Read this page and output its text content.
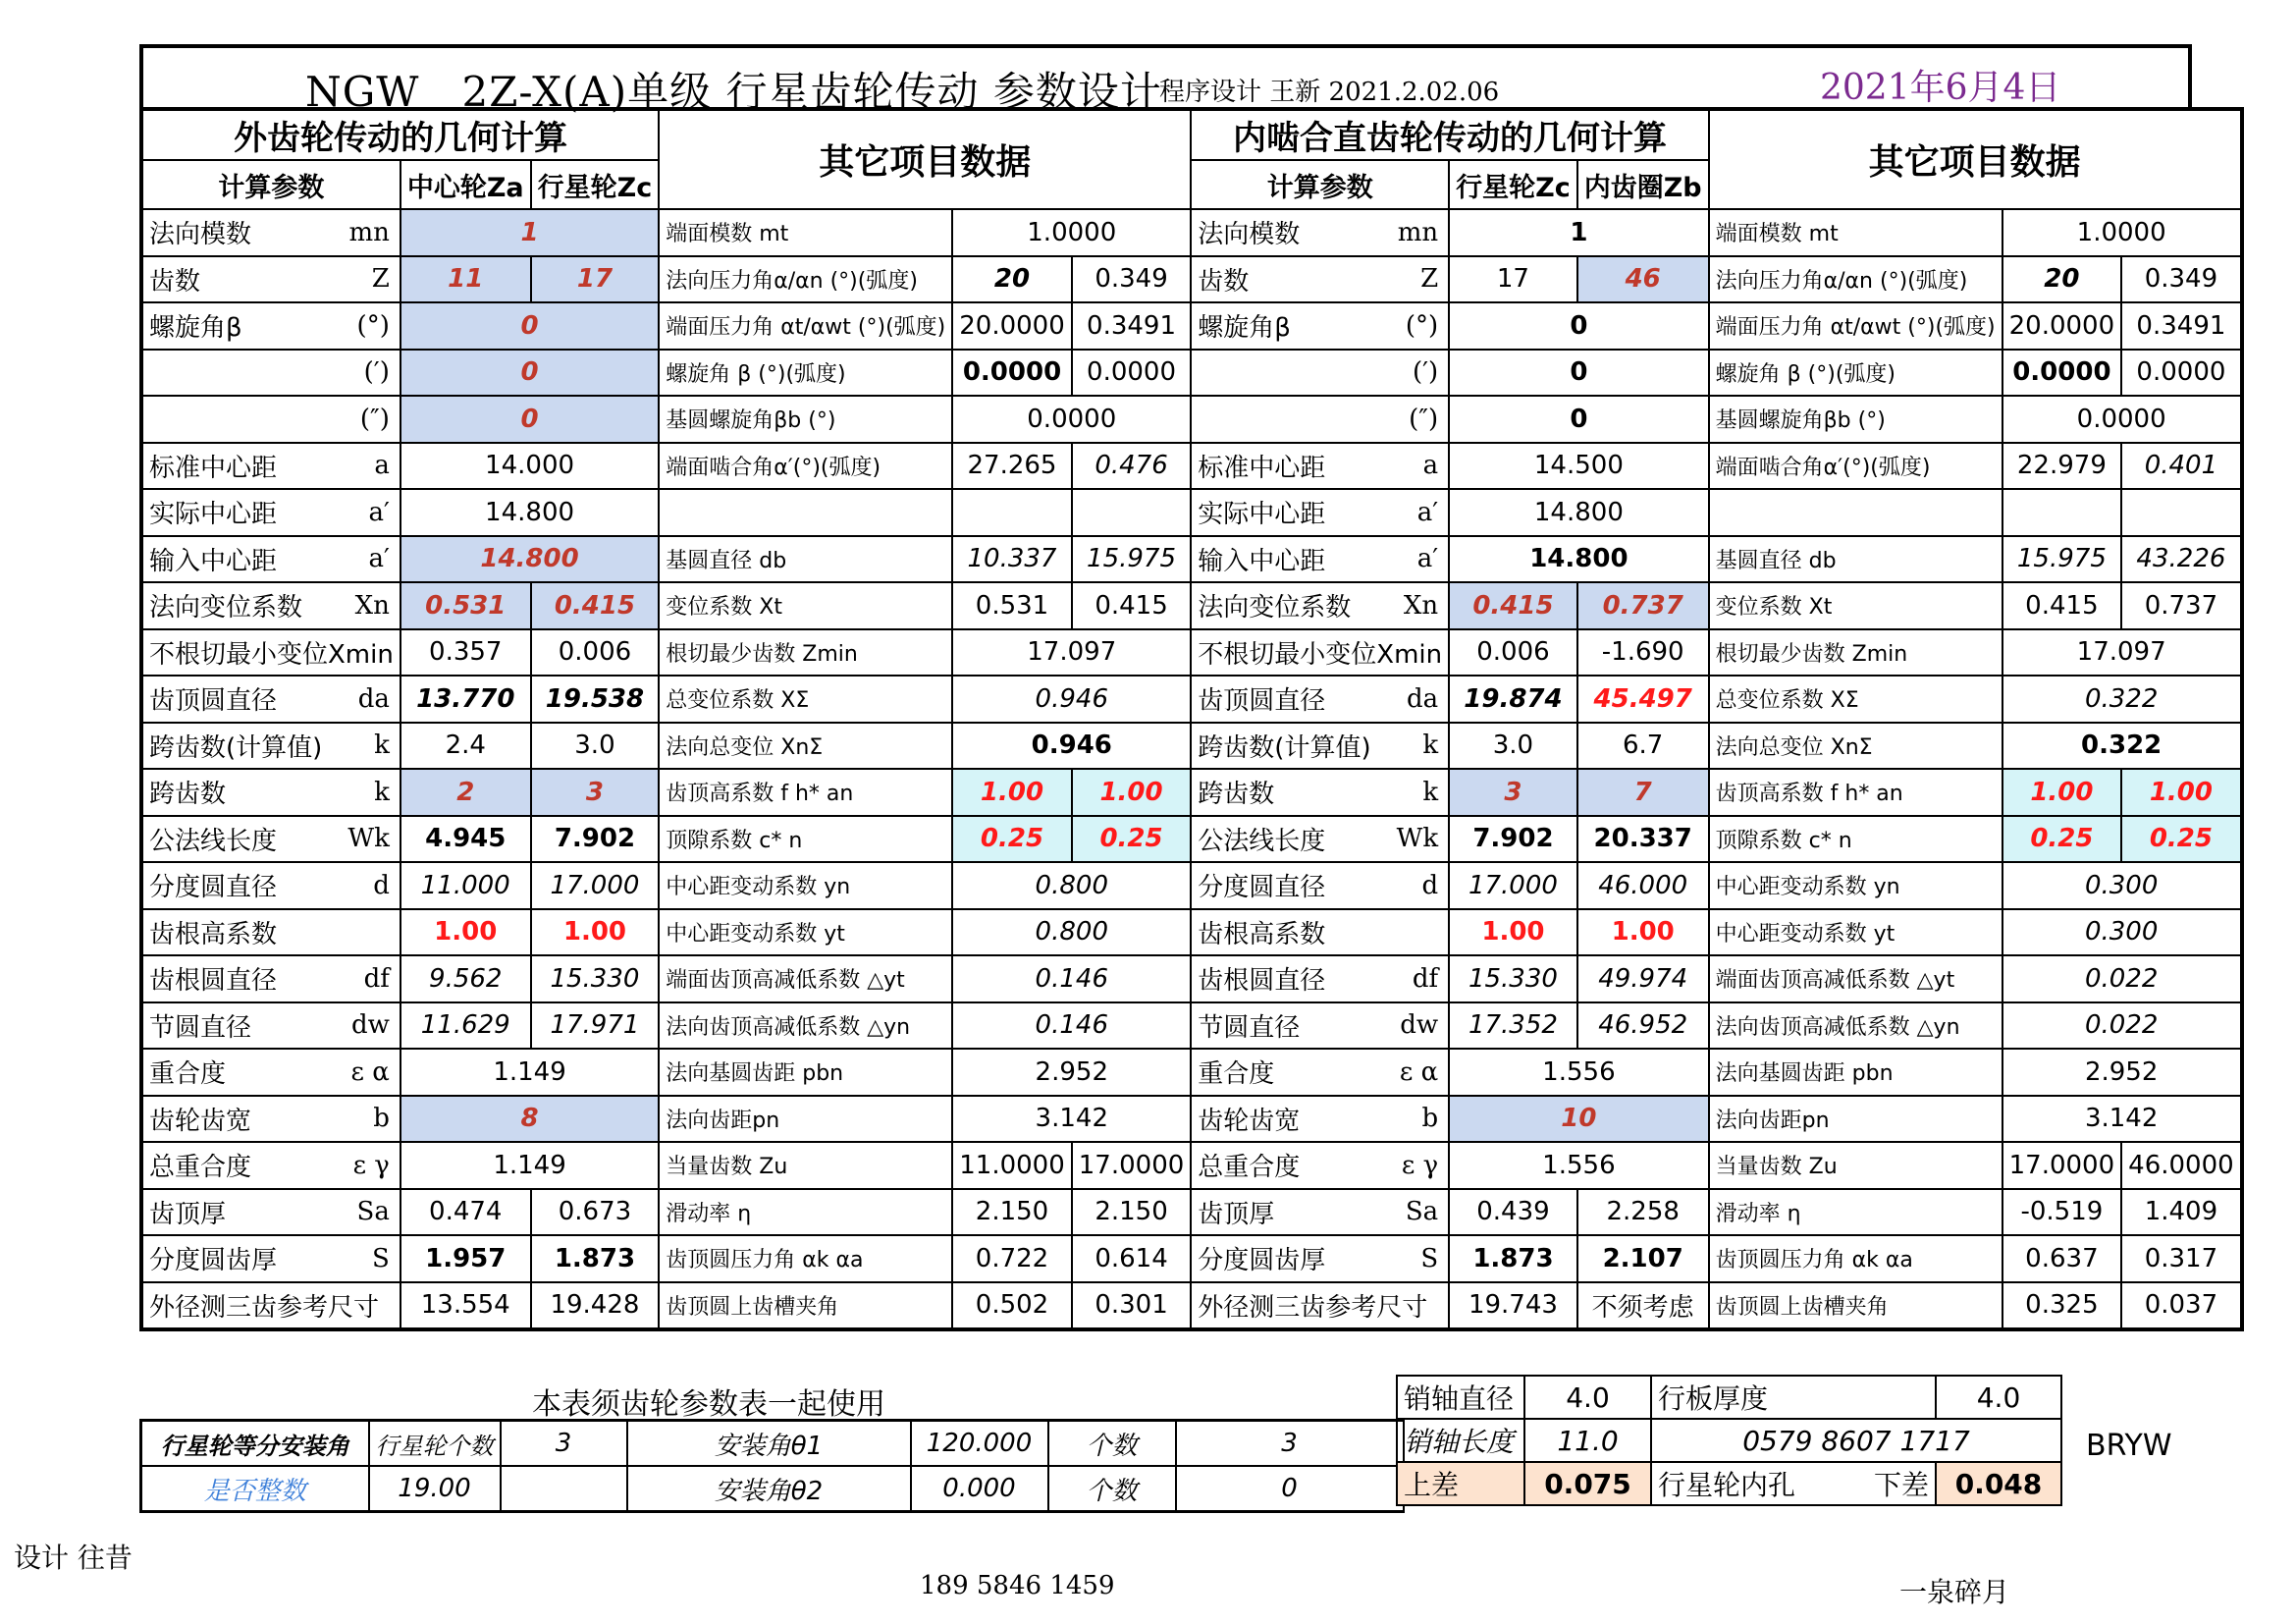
NGW   2Z-X(A)单级 行星齿轮传动 参数设计
程序设计 王新 2021.2.02.06	2021年6月4日
外齿轮传动的几何计算			其它项目数据			内啮合直齿轮传动的几何计算			其它项目数据		
计算参数	中心轮Za	行星轮Zc				计算参数	行星轮Zc	内齿圈Zb			
法向模数 mn	1		端面模数 mt	1.0000		法向模数 mn	1		端面模数 mt	1.0000	
齿数 Z	11	17	法向压力角α/αn (°)(弧度)	20	0.349	齿数 Z	17	46	法向压力角α/αn (°)(弧度)	20	0.349
螺旋角β (°)	0		端面压力角 αt/αwt (°)(弧度)	20.0000	0.3491	螺旋角β (°)	0		端面压力角 αt/αwt (°)(弧度)	20.0000	0.3491

(′)	0		螺旋角 β (°)(弧度)	0.0000	0.0000	(′)	0		螺旋角 β (°)(弧度)	0.0000	0.0000

(″)	0		基圆螺旋角βb (°)	0.0000		(″)	0		基圆螺旋角βb (°)	0.0000	
标准中心距 a	14.000		端面啮合角α′(°)(弧度)	27.265	0.476	标准中心距 a	14.500		端面啮合角α′(°)(弧度)	22.979	0.401
实际中心距 a′	14.800					实际中心距 a′	14.800				
输入中心距 a′	14.800		基圆直径 db	10.337	15.975	输入中心距 a′	14.800		基圆直径 db	15.975	43.226
法向变位系数 Xn	0.531	0.415	变位系数 Xt	0.531	0.415	法向变位系数 Xn	0.415	0.737	变位系数 Xt	0.415	0.737
不根切最小变位Xmin	0.357	0.006	根切最少齿数 Zmin	17.097		不根切最小变位Xmin	0.006	-1.690	根切最少齿数 Zmin	17.097	
齿顶圆直径 da	13.770	19.538	总变位系数 XΣ	0.946		齿顶圆直径 da	19.874	45.497	总变位系数 XΣ	0.322	
跨齿数(计算值) k	2.4	3.0	法向总变位 XnΣ	0.946		跨齿数(计算值) k	3.0	6.7	法向总变位 XnΣ	0.322	
跨齿数 k	2	3	齿顶高系数 f h* an	1.00	1.00	跨齿数 k	3	7	齿顶高系数 f h* an	1.00	1.00
公法线长度 Wk	4.945	7.902	顶隙系数 c* n	0.25	0.25	公法线长度 Wk	7.902	20.337	顶隙系数 c* n	0.25	0.25
分度圆直径 d	11.000	17.000	中心距变动系数 yn	0.800		分度圆直径 d	17.000	46.000	中心距变动系数 yn	0.300	
齿根高系数	1.00	1.00	中心距变动系数 yt	0.800		齿根高系数	1.00	1.00	中心距变动系数 yt	0.300	
齿根圆直径 df	9.562	15.330	端面齿顶高减低系数 △yt	0.146		齿根圆直径 df	15.330	49.974	端面齿顶高减低系数 △yt	0.022	
节圆直径 dw	11.629	17.971	法向齿顶高减低系数 △yn	0.146		节圆直径 dw	17.352	46.952	法向齿顶高减低系数 △yn	0.022	
重合度 ε α	1.149		法向基圆齿距 pbn	2.952		重合度 ε α	1.556		法向基圆齿距 pbn	2.952	
齿轮齿宽 b	8		法向齿距pn	3.142		齿轮齿宽 b	10		法向齿距pn	3.142	
总重合度 ε γ	1.149		当量齿数 Zu	11.0000	17.0000	总重合度 ε γ	1.556		当量齿数 Zu	17.0000	46.0000
齿顶厚 Sa	0.474	0.673	滑动率 η	2.150	2.150	齿顶厚 Sa	0.439	2.258	滑动率 η	-0.519	1.409
分度圆齿厚 S	1.957	1.873	齿顶圆压力角 αk αa	0.722	0.614	分度圆齿厚 S	1.873	2.107	齿顶圆压力角 αk αa	0.637	0.317
外径测三齿参考尺寸	13.554	19.428	齿顶圆上齿槽夹角	0.502	0.301	外径测三齿参考尺寸	19.743	不须考虑	齿顶圆上齿槽夹角	0.325	0.037
本表须齿轮参数表一起使用
行星轮等分安装角	行星轮个数	3	安装角θ1	120.000	个数	3
是否整数	19.00		安装角θ2	0.000	个数	0
销轴直径	4.0	行板厚度	4.0
销轴长度	11.0	0579 8607 1717	
上差	0.075	行星轮内孔 下差	0.048
BRYW
设计 往昔
189 5846 1459	一泉碎月
